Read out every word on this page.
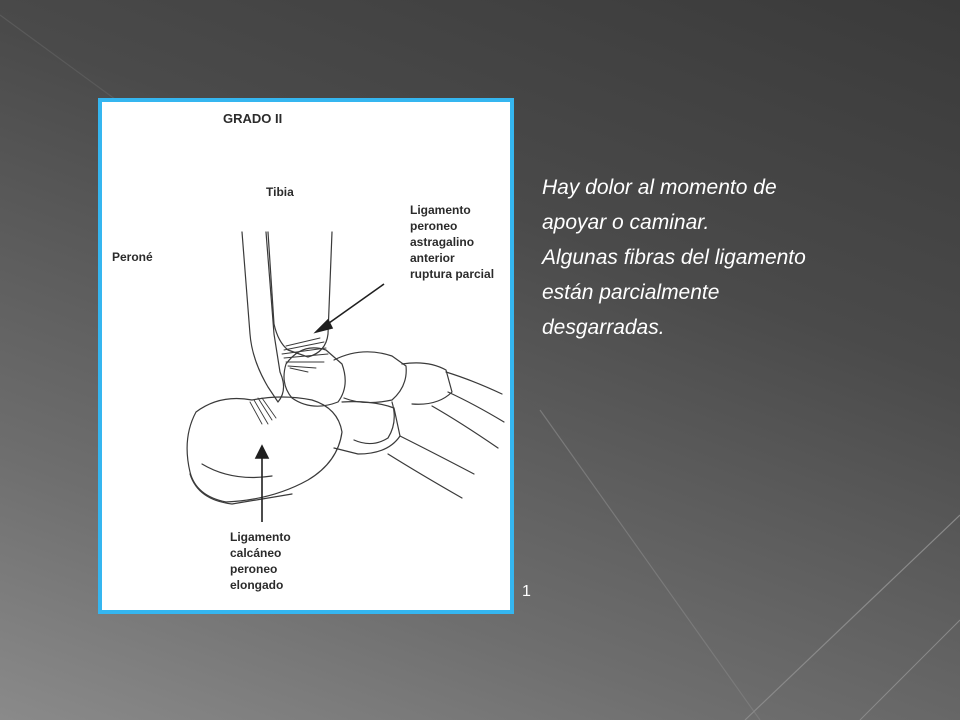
GRADO II

Tibia

Peroné

Ligamento
peroneo
astragalino
anterior
ruptura parcial
Ligamento
calcáneo
peroneo
elongado
Hay dolor al momento de
apoyar o caminar.
Algunas fibras del ligamento
están parcialmente
desgarradas.
1
